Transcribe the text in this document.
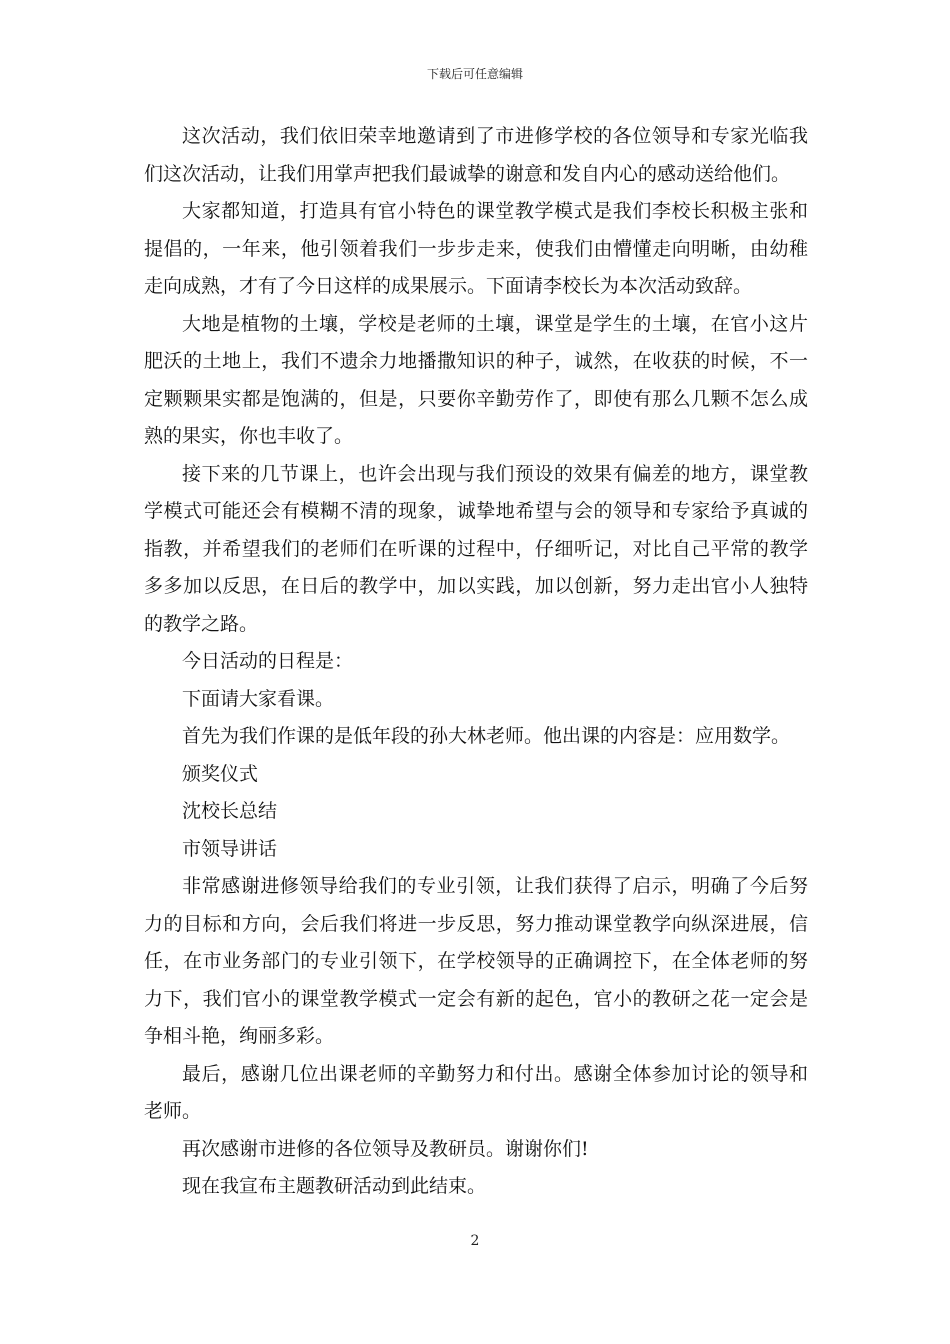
下载后可任意编辑

这次活动，我们依旧荣幸地邀请到了市进修学校的各位领导和专家光临我们这次活动，让我们用掌声把我们最诚挚的谢意和发自内心的感动送给他们。

大家都知道，打造具有官小特色的课堂教学模式是我们李校长积极主张和提倡的，一年来，他引领着我们一步步走来，使我们由懵懂走向明晰，由幼稚走向成熟，才有了今日这样的成果展示。下面请李校长为本次活动致辞。

大地是植物的土壤，学校是老师的土壤，课堂是学生的土壤，在官小这片肥沃的土地上，我们不遗余力地播撒知识的种子，诚然，在收获的时候，不一定颗颗果实都是饱满的，但是，只要你辛勤劳作了，即使有那么几颗不怎么成熟的果实，你也丰收了。

接下来的几节课上，也许会出现与我们预设的效果有偏差的地方，课堂教学模式可能还会有模糊不清的现象，诚挚地希望与会的领导和专家给予真诚的指教，并希望我们的老师们在听课的过程中，仔细听记，对比自己平常的教学多多加以反思，在日后的教学中，加以实践，加以创新，努力走出官小人独特的教学之路。

今日活动的日程是：

下面请大家看课。

首先为我们作课的是低年段的孙大林老师。他出课的内容是：应用数学。

颁奖仪式

沈校长总结

市领导讲话

非常感谢进修领导给我们的专业引领，让我们获得了启示，明确了今后努力的目标和方向，会后我们将进一步反思，努力推动课堂教学向纵深进展，信任，在市业务部门的专业引领下，在学校领导的正确调控下，在全体老师的努力下，我们官小的课堂教学模式一定会有新的起色，官小的教研之花一定会是争相斗艳，绚丽多彩。

最后，感谢几位出课老师的辛勤努力和付出。感谢全体参加讨论的领导和老师。

再次感谢市进修的各位领导及教研员。谢谢你们!

现在我宣布主题教研活动到此结束。

2
